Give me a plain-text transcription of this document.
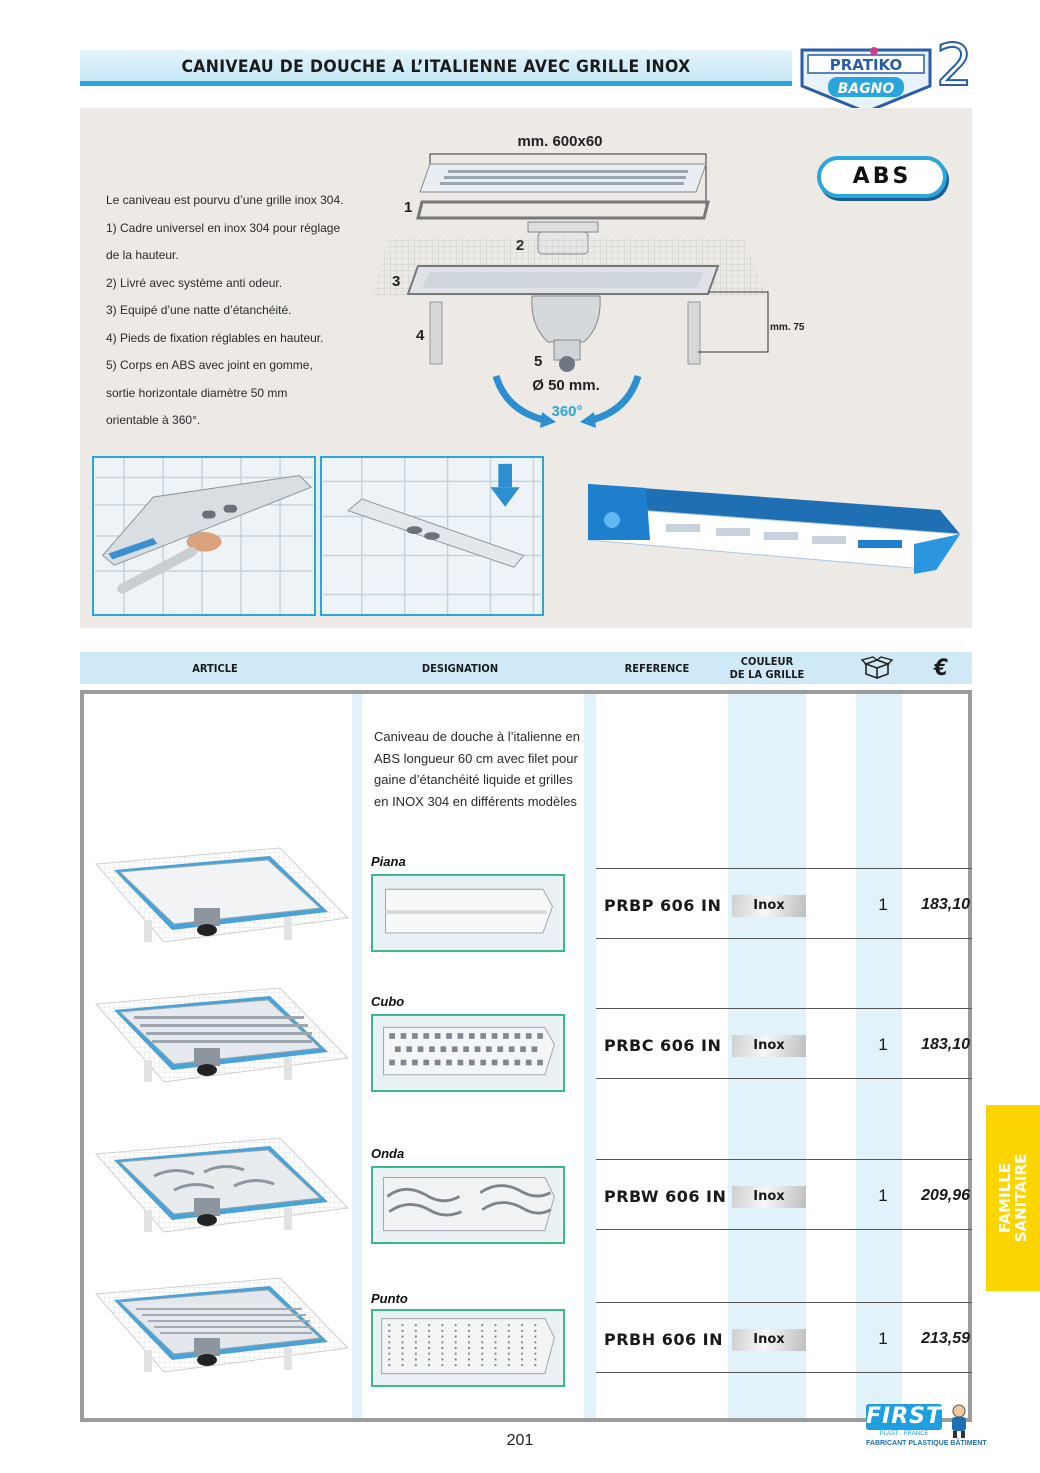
CANIVEAU DE DOUCHE A L’ITALIENNE AVEC GRILLE INOX	PRATIKO
BAGNO 2

Le caniveau est pourvu d’une grille inox 304.

1) Cadre universel en inox 304 pour réglage

de la hauteur.

2) Livré avec système anti odeur.

3) Equipé d’une natte d’étanchéité.

4) Pieds de fixation réglables en hauteur.

5) Corps en ABS avec joint en gomme,

sortie horizontale diamètre 50 mm

orientable à 360°.

mm. 600x60
1
3
5
4	mm. 75
Ø 50 mm.
360°
ABS
ARTICLE	DESIGNATION	REFERENCE	COULEUR
DE LA GRILLE	€
Caniveau de douche à l’italienne en ABS longueur 60 cm avec filet pour gaine d’étanchéité liquide et grilles en INOX 304 en différents modèles
Piana
PRBP 606 IN	Inox	1	183,10
Cubo
PRBC 606 IN	Inox	1	183,10
Onda
PRBW 606 IN	Inox	1	209,96
Punto
PRBH 606 IN	Inox	1	213,59
FAMILLE
SANITAIRE
201
FIRST
PLAST · FRANCE
FABRICANT PLASTIQUE BÂTIMENT
